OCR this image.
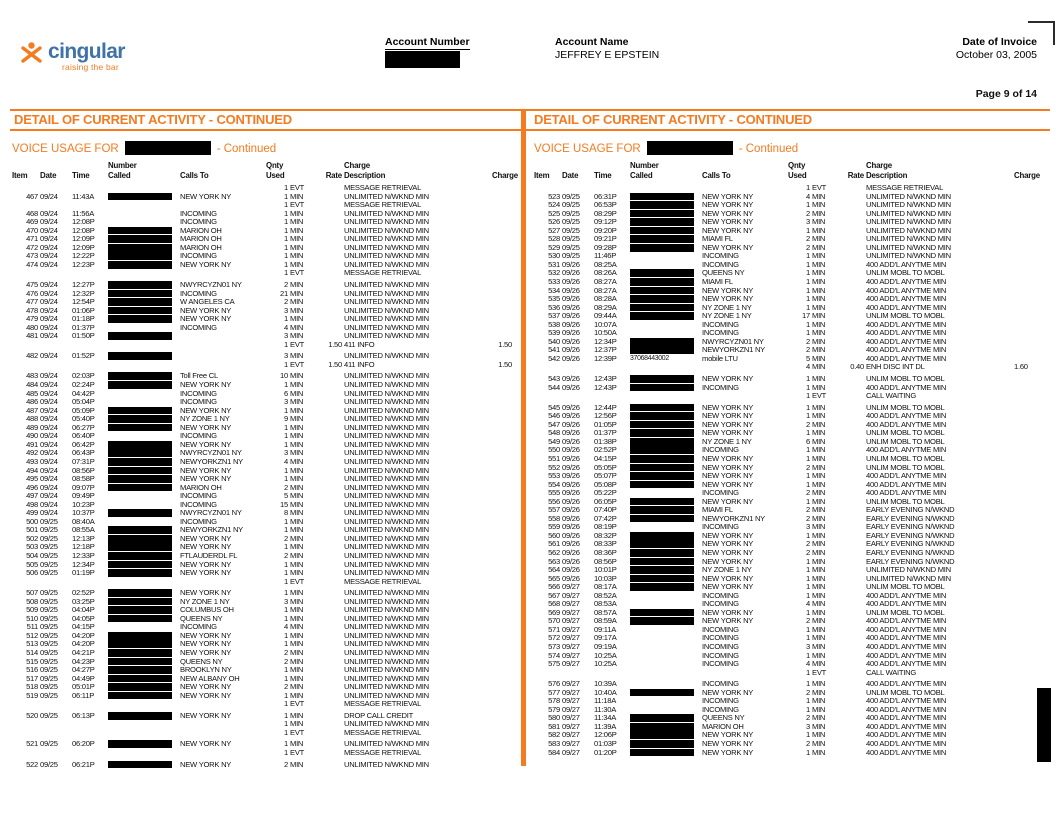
cingular
raising the bar
Account Number	Account Name
JEFFREY E EPSTEIN
Date of Invoice
October 03, 2005
Page 9 of 14
DETAIL OF CURRENT ACTIVITY - CONTINUED	DETAIL OF CURRENT ACTIVITY - CONTINUED
VOICE USAGE FOR	- Continued
Number	Qnty	Charge
Item	Date	Time	Called	Calls To	Used	Rate Description	Charge
1 EVT	MESSAGE RETRIEVAL
467 09/24	11:43A	NEW YORK NY	1 MIN	UNLIMITED N/WKND MIN
1 EVT	MESSAGE RETRIEVAL
468 09/24	11:56A	INCOMING	1 MIN	UNLIMITED N/WKND MIN
469 09/24	12:08P	INCOMING	1 MIN	UNLIMITED N/WKND MIN
470 09/24	12:08P	MARION OH	1 MIN	UNLIMITED N/WKND MIN
471 09/24	12:09P	MARION OH	1 MIN	UNLIMITED N/WKND MIN
472 09/24	12:09P	MARION OH	1 MIN	UNLIMITED N/WKND MIN
473 09/24	12:22P	INCOMING	1 MIN	UNLIMITED N/WKND MIN
474 09/24	12:23P	NEW YORK NY	1 MIN	UNLIMITED N/WKND MIN
1 EVT	MESSAGE RETRIEVAL
475 09/24	12:27P	NWYRCYZN01 NY	2 MIN	UNLIMITED N/WKND MIN
476 09/24	12:32P	INCOMING	21 MIN	UNLIMITED N/WKND MIN
477 09/24	12:54P	W ANGELES CA	2 MIN	UNLIMITED N/WKND MIN
478 09/24	01:06P	NEW YORK NY	3 MIN	UNLIMITED N/WKND MIN
479 09/24	01:18P	NEW YORK NY	1 MIN	UNLIMITED N/WKND MIN
480 09/24	01:37P	INCOMING	4 MIN	UNLIMITED N/WKND MIN
481 09/24	01:50P	3 MIN	UNLIMITED N/WKND MIN
1 EVT	1.50 411 INFO	1.50
482 09/24	01:52P	3 MIN	UNLIMITED N/WKND MIN
1 EVT	1.50 411 INFO	1.50
483 09/24	02:03P	Toll Free CL	10 MIN	UNLIMITED N/WKND MIN
484 09/24	02:24P	NEW YORK NY	1 MIN	UNLIMITED N/WKND MIN
485 09/24	04:42P	INCOMING	6 MIN	UNLIMITED N/WKND MIN
486 09/24	05:04P	INCOMING	3 MIN	UNLIMITED N/WKND MIN
487 09/24	05:09P	NEW YORK NY	1 MIN	UNLIMITED N/WKND MIN
488 09/24	05:40P	NY ZONE 1 NY	9 MIN	UNLIMITED N/WKND MIN
489 09/24	06:27P	NEW YORK NY	1 MIN	UNLIMITED N/WKND MIN
490 09/24	06:40P	INCOMING	1 MIN	UNLIMITED N/WKND MIN
491 09/24	06:42P	NEW YORK NY	1 MIN	UNLIMITED N/WKND MIN
492 09/24	06:43P	NWYRCYZN01 NY	3 MIN	UNLIMITED N/WKND MIN
493 09/24	07:31P	NEWYORKZN1 NY	4 MIN	UNLIMITED N/WKND MIN
494 09/24	08:56P	NEW YORK NY	1 MIN	UNLIMITED N/WKND MIN
495 09/24	08:58P	NEW YORK NY	1 MIN	UNLIMITED N/WKND MIN
496 09/24	09:07P	MARION OH	2 MIN	UNLIMITED N/WKND MIN
497 09/24	09:49P	INCOMING	5 MIN	UNLIMITED N/WKND MIN
498 09/24	10:23P	INCOMING	15 MIN	UNLIMITED N/WKND MIN
499 09/24	10:37P	NWYRCYZN01 NY	8 MIN	UNLIMITED N/WKND MIN
500 09/25	08:40A	INCOMING	1 MIN	UNLIMITED N/WKND MIN
501 09/25	08:55A	NEWYORKZN1 NY	1 MIN	UNLIMITED N/WKND MIN
502 09/25	12:13P	NEW YORK NY	2 MIN	UNLIMITED N/WKND MIN
503 09/25	12:18P	NEW YORK NY	1 MIN	UNLIMITED N/WKND MIN
504 09/25	12:33P	FTLAUDERDL FL	2 MIN	UNLIMITED N/WKND MIN
505 09/25	12:34P	NEW YORK NY	1 MIN	UNLIMITED N/WKND MIN
506 09/25	01:19P	NEW YORK NY	1 MIN	UNLIMITED N/WKND MIN
1 EVT	MESSAGE RETRIEVAL
507 09/25	02:52P	NEW YORK NY	1 MIN	UNLIMITED N/WKND MIN
508 09/25	03:25P	NY ZONE 1 NY	3 MIN	UNLIMITED N/WKND MIN
509 09/25	04:04P	COLUMBUS OH	1 MIN	UNLIMITED N/WKND MIN
510 09/25	04:05P	QUEENS NY	1 MIN	UNLIMITED N/WKND MIN
511 09/25	04:15P	INCOMING	4 MIN	UNLIMITED N/WKND MIN
512 09/25	04:20P	NEW YORK NY	1 MIN	UNLIMITED N/WKND MIN
513 09/25	04:20P	NEW YORK NY	1 MIN	UNLIMITED N/WKND MIN
514 09/25	04:21P	NEW YORK NY	2 MIN	UNLIMITED N/WKND MIN
515 09/25	04:23P	QUEENS NY	2 MIN	UNLIMITED N/WKND MIN
516 09/25	04:27P	BROOKLYN NY	1 MIN	UNLIMITED N/WKND MIN
517 09/25	04:49P	NEW ALBANY OH	1 MIN	UNLIMITED N/WKND MIN
518 09/25	05:01P	NEW YORK NY	2 MIN	UNLIMITED N/WKND MIN
519 09/25	06:11P	NEW YORK NY	1 MIN	UNLIMITED N/WKND MIN
1 EVT	MESSAGE RETRIEVAL
520 09/25	06:13P	NEW YORK NY	1 MIN	DROP CALL CREDIT
1 MIN	UNLIMITED N/WKND MIN
1 EVT	MESSAGE RETRIEVAL
521 09/25	06:20P	NEW YORK NY	1 MIN	UNLIMITED N/WKND MIN
1 EVT	MESSAGE RETRIEVAL
522 09/25	06:21P	NEW YORK NY	2 MIN	UNLIMITED N/WKND MIN
VOICE USAGE FOR	- Continued
Number	Qnty	Charge
Item	Date	Time	Called	Calls To	Used	Rate Description	Charge
1 EVT	MESSAGE RETRIEVAL
523 09/25	06:31P	NEW YORK NY	4 MIN	UNLIMITED N/WKND MIN
524 09/25	06:53P	NEW YORK NY	1 MIN	UNLIMITED N/WKND MIN
525 09/25	08:29P	NEW YORK NY	2 MIN	UNLIMITED N/WKND MIN
526 09/25	09:12P	NEW YORK NY	3 MIN	UNLIMITED N/WKND MIN
527 09/25	09:20P	NEW YORK NY	1 MIN	UNLIMITED N/WKND MIN
528 09/25	09:21P	MIAMI FL	2 MIN	UNLIMITED N/WKND MIN
529 09/25	09:28P	NEW YORK NY	2 MIN	UNLIMITED N/WKND MIN
530 09/25	11:46P	INCOMING	1 MIN	UNLIMITED N/WKND MIN
531 09/26	08:25A	INCOMING	1 MIN	400 ADD'L ANYTME MIN
532 09/26	08:26A	QUEENS NY	1 MIN	UNLIM MOBL TO MOBL
533 09/26	08:27A	MIAMI FL	1 MIN	400 ADD'L ANYTME MIN
534 09/26	08:27A	NEW YORK NY	1 MIN	400 ADD'L ANYTME MIN
535 09/26	08:28A	NEW YORK NY	1 MIN	400 ADD'L ANYTME MIN
536 09/26	08:29A	NY ZONE 1 NY	1 MIN	400 ADD'L ANYTME MIN
537 09/26	09:44A	NY ZONE 1 NY	17 MIN	UNLIM MOBL TO MOBL
538 09/26	10:07A	INCOMING	1 MIN	400 ADD'L ANYTME MIN
539 09/26	10:50A	INCOMING	1 MIN	400 ADD'L ANYTME MIN
540 09/26	12:34P	NWYRCYZN01 NY	2 MIN	400 ADD'L ANYTME MIN
541 09/26	12:37P	NEWYORKZN1 NY	2 MIN	400 ADD'L ANYTME MIN
542 09/26	12:39P	37068443002	mobile LTU	5 MIN	400 ADD'L ANYTME MIN
4 MIN	0.40 ENH DISC INT DL	1.60
543 09/26	12:43P	NEW YORK NY	1 MIN	UNLIM MOBL TO MOBL
544 09/26	12:43P	INCOMING	1 MIN	400 ADD'L ANYTME MIN
1 EVT	CALL WAITING
545 09/26	12:44P	NEW YORK NY	1 MIN	UNLIM MOBL TO MOBL
546 09/26	12:56P	NEW YORK NY	1 MIN	400 ADD'L ANYTME MIN
547 09/26	01:05P	NEW YORK NY	2 MIN	400 ADD'L ANYTME MIN
548 09/26	01:37P	NEW YORK NY	1 MIN	UNLIM MOBL TO MOBL
549 09/26	01:38P	NY ZONE 1 NY	6 MIN	UNLIM MOBL TO MOBL
550 09/26	02:52P	INCOMING	1 MIN	400 ADD'L ANYTME MIN
551 09/26	04:15P	NEW YORK NY	1 MIN	UNLIM MOBL TO MOBL
552 09/26	05:05P	NEW YORK NY	2 MIN	UNLIM MOBL TO MOBL
553 09/26	05:07P	NEW YORK NY	1 MIN	400 ADD'L ANYTME MIN
554 09/26	05:08P	NEW YORK NY	1 MIN	400 ADD'L ANYTME MIN
555 09/26	05:22P	INCOMING	2 MIN	400 ADD'L ANYTME MIN
556 09/26	06:05P	NEW YORK NY	1 MIN	UNLIM MOBL TO MOBL
557 09/26	07:40P	MIAMI FL	2 MIN	EARLY EVENING N/WKND
558 09/26	07:42P	NEWYORKZN1 NY	2 MIN	EARLY EVENING N/WKND
559 09/26	08:19P	INCOMING	3 MIN	EARLY EVENING N/WKND
560 09/26	08:32P	NEW YORK NY	1 MIN	EARLY EVENING N/WKND
561 09/26	08:33P	NEW YORK NY	2 MIN	EARLY EVENING N/WKND
562 09/26	08:36P	NEW YORK NY	2 MIN	EARLY EVENING N/WKND
563 09/26	08:56P	NEW YORK NY	1 MIN	EARLY EVENING N/WKND
564 09/26	10:01P	NY ZONE 1 NY	1 MIN	UNLIMITED N/WKND MIN
565 09/26	10:03P	NEW YORK NY	1 MIN	UNLIMITED N/WKND MIN
566 09/27	08:17A	NEW YORK NY	1 MIN	UNLIM MOBL TO MOBL
567 09/27	08:52A	INCOMING	1 MIN	400 ADD'L ANYTME MIN
568 09/27	08:53A	INCOMING	4 MIN	400 ADD'L ANYTME MIN
569 09/27	08:57A	NEW YORK NY	1 MIN	UNLIM MOBL TO MOBL
570 09/27	08:59A	NEW YORK NY	2 MIN	400 ADD'L ANYTME MIN
571 09/27	09:11A	INCOMING	1 MIN	400 ADD'L ANYTME MIN
572 09/27	09:17A	INCOMING	1 MIN	400 ADD'L ANYTME MIN
573 09/27	09:19A	INCOMING	3 MIN	400 ADD'L ANYTME MIN
574 09/27	10:25A	INCOMING	1 MIN	400 ADD'L ANYTME MIN
575 09/27	10:25A	INCOMING	4 MIN	400 ADD'L ANYTME MIN
1 EVT	CALL WAITING
576 09/27	10:39A	INCOMING	1 MIN	400 ADD'L ANYTME MIN
577 09/27	10:40A	NEW YORK NY	2 MIN	UNLIM MOBL TO MOBL
578 09/27	11:18A	INCOMING	1 MIN	400 ADD'L ANYTME MIN
579 09/27	11:30A	INCOMING	1 MIN	400 ADD'L ANYTME MIN
580 09/27	11:34A	QUEENS NY	2 MIN	400 ADD'L ANYTME MIN
581 09/27	11:39A	MARION OH	3 MIN	400 ADD'L ANYTME MIN
582 09/27	12:06P	NEW YORK NY	1 MIN	400 ADD'L ANYTME MIN
583 09/27	01:03P	NEW YORK NY	2 MIN	400 ADD'L ANYTME MIN
584 09/27	01:20P	NEW YORK NY	1 MIN	400 ADD'L ANYTME MIN
